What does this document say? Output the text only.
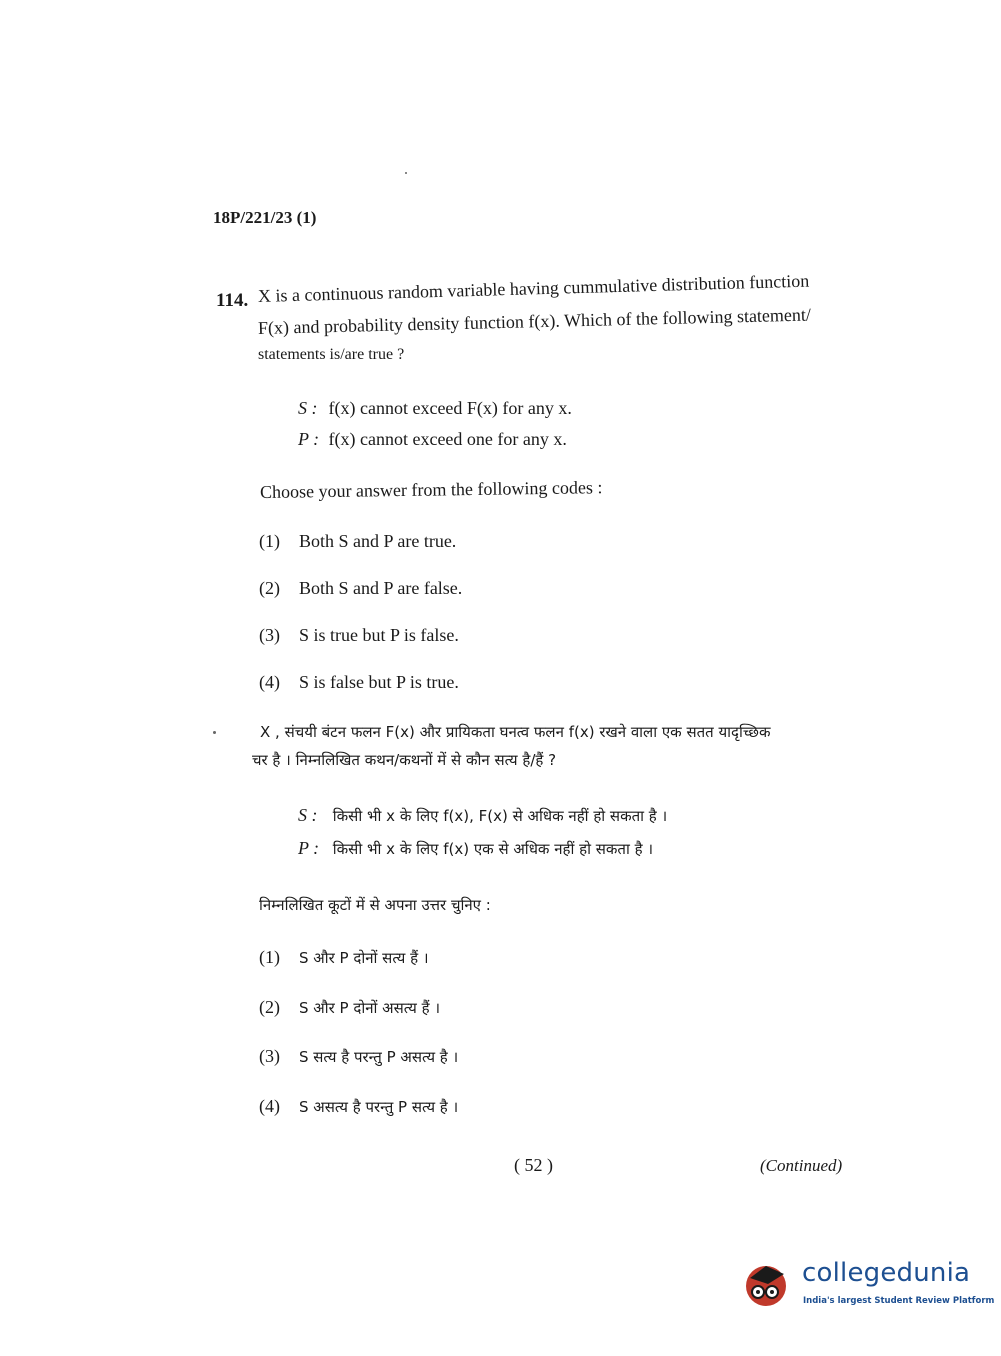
18P/221/23 (1)
114. X is a continuous random variable having cummulative distribution function
F(x) and probability density function f(x). Which of the following statement/
statements is/are true ?
S : f(x) cannot exceed F(x) for any x.
P : f(x) cannot exceed one for any x.
Choose your answer from the following codes :
(1) Both S and P are true.
(2) Both S and P are false.
(3) S is true but P is false.
(4) S is false but P is true.
X , संचयी बंटन फलन F(x) और प्रायिकता घनत्व फलन f(x) रखने वाला एक सतत यादृच्छिक
चर है । निम्नलिखित कथन/कथनों में से कौन सत्य है/हैं ?
S : किसी भी x के लिए f(x), F(x) से अधिक नहीं हो सकता है ।
P : किसी भी x के लिए f(x) एक से अधिक नहीं हो सकता है ।
निम्नलिखित कूटों में से अपना उत्तर चुनिए :
(1) S और P दोनों सत्य हैं ।
(2) S और P दोनों असत्य हैं ।
(3) S सत्य है परन्तु P असत्य है ।
(4) S असत्य है परन्तु P सत्य है ।
( 52 )	(Continued)
collegedunia
India's largest Student Review Platform
